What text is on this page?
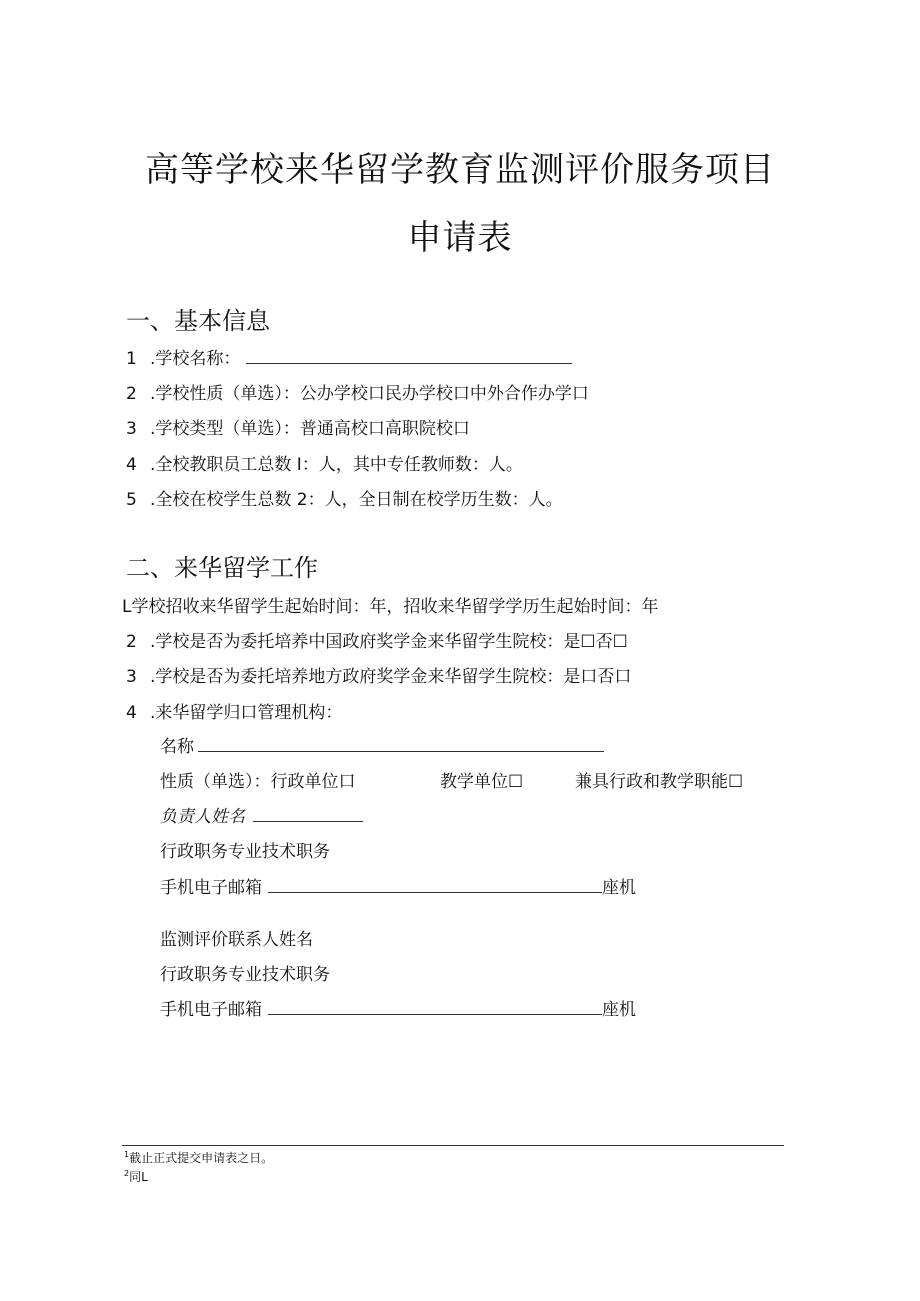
高等学校来华留学教育监测评价服务项目
申请表
一、基本信息
1 .学校名称：
2 .学校性质（单选）：公办学校口民办学校口中外合作办学口
3 .学校类型（单选）：普通高校口高职院校口
4 .全校教职员工总数 I：人，其中专任教师数：人。
5 .全校在校学生总数 2：人，全日制在校学历生数：人。
二、来华留学工作
L学校招收来华留学生起始时间：年，招收来华留学学历生起始时间：年
2 .学校是否为委托培养中国政府奖学金来华留学生院校：是☐否☐
3 .学校是否为委托培养地方政府奖学金来华留学生院校：是口否口
4 .来华留学归口管理机构：
名称
性质（单选）：行政单位口	教学单位☐	兼具行政和教学职能☐
负责人姓名
行政职务专业技术职务
手机电子邮箱	座机
监测评价联系人姓名
行政职务专业技术职务
手机电子邮箱	座机
$^1$截止正式提交申请表之日。
$^2$同L
